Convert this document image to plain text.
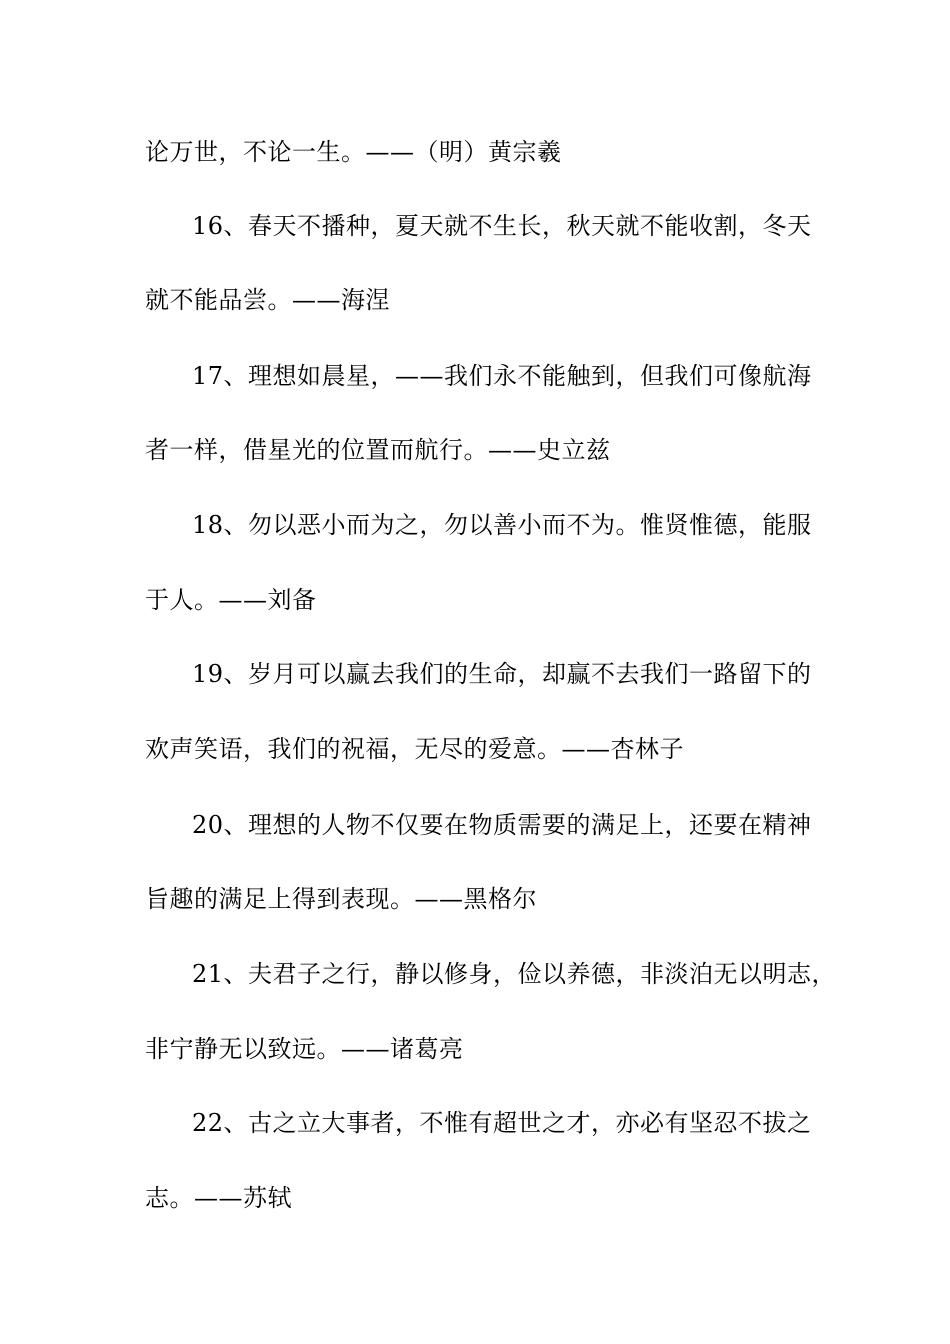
论万世，不论一生。——（明）黄宗羲
16、春天不播种，夏天就不生长，秋天就不能收割，冬天
就不能品尝。——海涅
17、理想如晨星，——我们永不能触到，但我们可像航海
者一样，借星光的位置而航行。——史立兹
18、勿以恶小而为之，勿以善小而不为。惟贤惟德，能服
于人。——刘备
19、岁月可以赢去我们的生命，却赢不去我们一路留下的
欢声笑语，我们的祝福，无尽的爱意。——杏林子
20、理想的人物不仅要在物质需要的满足上，还要在精神
旨趣的满足上得到表现。——黑格尔
21、夫君子之行，静以修身，俭以养德，非淡泊无以明志，
非宁静无以致远。——诸葛亮
22、古之立大事者，不惟有超世之才，亦必有坚忍不拔之
志。——苏轼
